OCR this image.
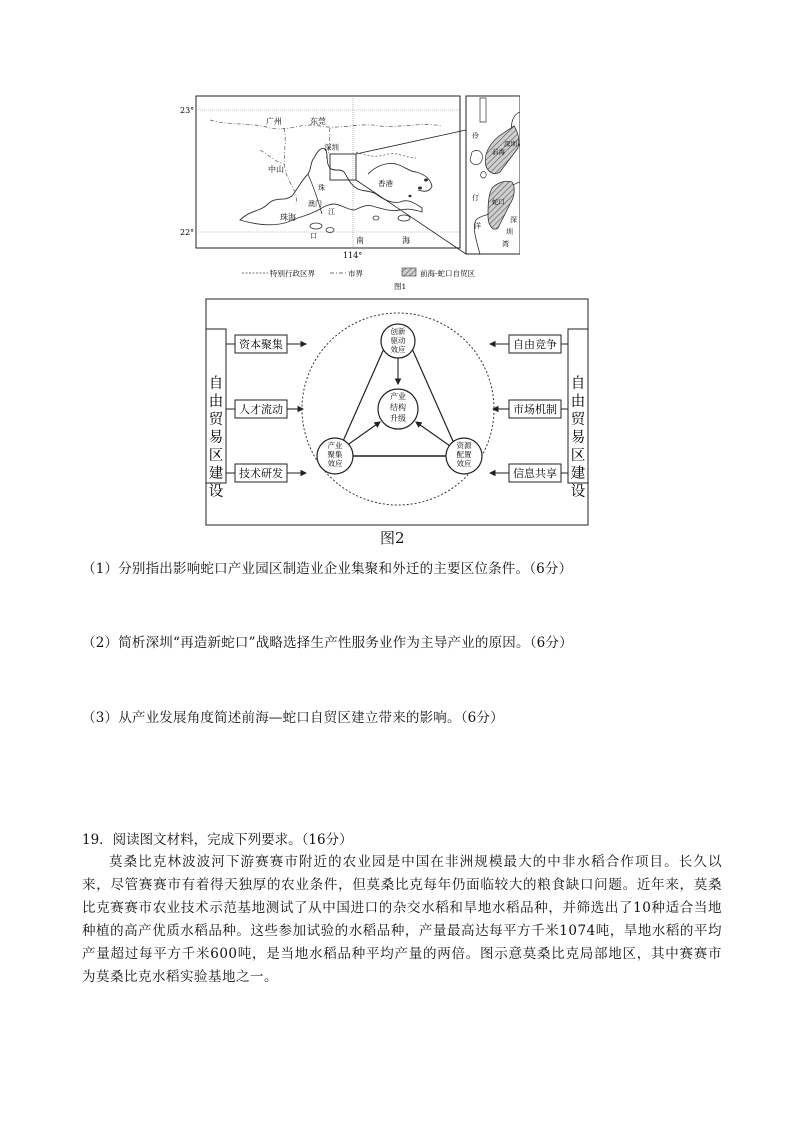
23°
22°
114°
广州	东莞
深圳
中山
香港
珠
澳门
江
珠海
口	南	海
伶
仃
洋
前海
深圳
蛇口
深
圳
湾
特别行政区界	市界	前海-蛇口自贸区
图1
自由贸易区建设
自由贸易区建设
资本聚集
人才流动
技术研发
自由竞争
市场机制
信息共享
创新驱动效应
产业结构升级
产业聚集效应
资源配置效应
图2
（1）分别指出影响蛇口产业园区制造业企业集聚和外迁的主要区位条件。（6分）
（2）简析深圳“再造新蛇口”战略选择生产性服务业作为主导产业的原因。（6分）
（3）从产业发展角度简述前海—蛇口自贸区建立带来的影响。（6分）
19．阅读图文材料，完成下列要求。（16分）
莫桑比克林波波河下游赛赛市附近的农业园是中国在非洲规模最大的中非水稻合作项目。长久以来，尽管赛赛市有着得天独厚的农业条件，但莫桑比克每年仍面临较大的粮食缺口问题。近年来，莫桑比克赛赛市农业技术示范基地测试了从中国进口的杂交水稻和旱地水稻品种，并筛选出了10种适合当地种植的高产优质水稻品种。这些参加试验的水稻品种，产量最高达每平方千米1074吨，旱地水稻的平均产量超过每平方千米600吨，是当地水稻品种平均产量的两倍。图示意莫桑比克局部地区，其中赛赛市为莫桑比克水稻实验基地之一。
